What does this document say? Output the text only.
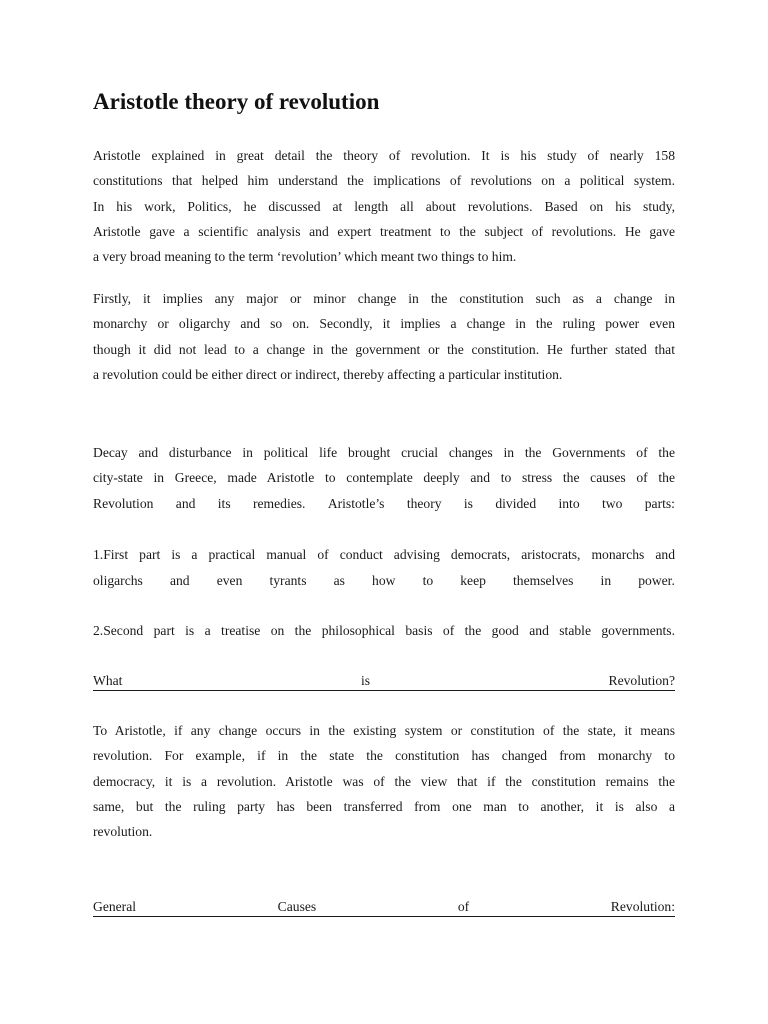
Aristotle theory of revolution

Aristotle explained in great detail the theory of revolution. It is his study of nearly 158
constitutions that helped him understand the implications of revolutions on a political system.
In his work, Politics, he discussed at length all about revolutions. Based on his study,
Aristotle gave a scientific analysis and expert treatment to the subject of revolutions. He gave
a very broad meaning to the term ‘revolution’ which meant two things to him.

Firstly, it implies any major or minor change in the constitution such as a change in
monarchy or oligarchy and so on. Secondly, it implies a change in the ruling power even
though it did not lead to a change in the government or the constitution. He further stated that
a revolution could be either direct or indirect, thereby affecting a particular institution.

Decay and disturbance in political life brought crucial changes in the Governments of the
city-state in Greece, made Aristotle to contemplate deeply and to stress the causes of the

Revolution and its remedies. Aristotle’s theory is divided into two parts:

1.First part is a practical manual of conduct advising democrats, aristocrats, monarchs and

oligarchs and even tyrants as how to keep themselves in power.

2.Second part is a treatise on the philosophical basis of the good and stable governments.

What	is	Revolution?

To Aristotle, if any change occurs in the existing system or constitution of the state, it means
revolution. For example, if in the state the constitution has changed from monarchy to
democracy, it is a revolution. Aristotle was of the view that if the constitution remains the
same, but the ruling party has been transferred from one man to another, it is also a
revolution.

General	Causes	of	Revolution:
